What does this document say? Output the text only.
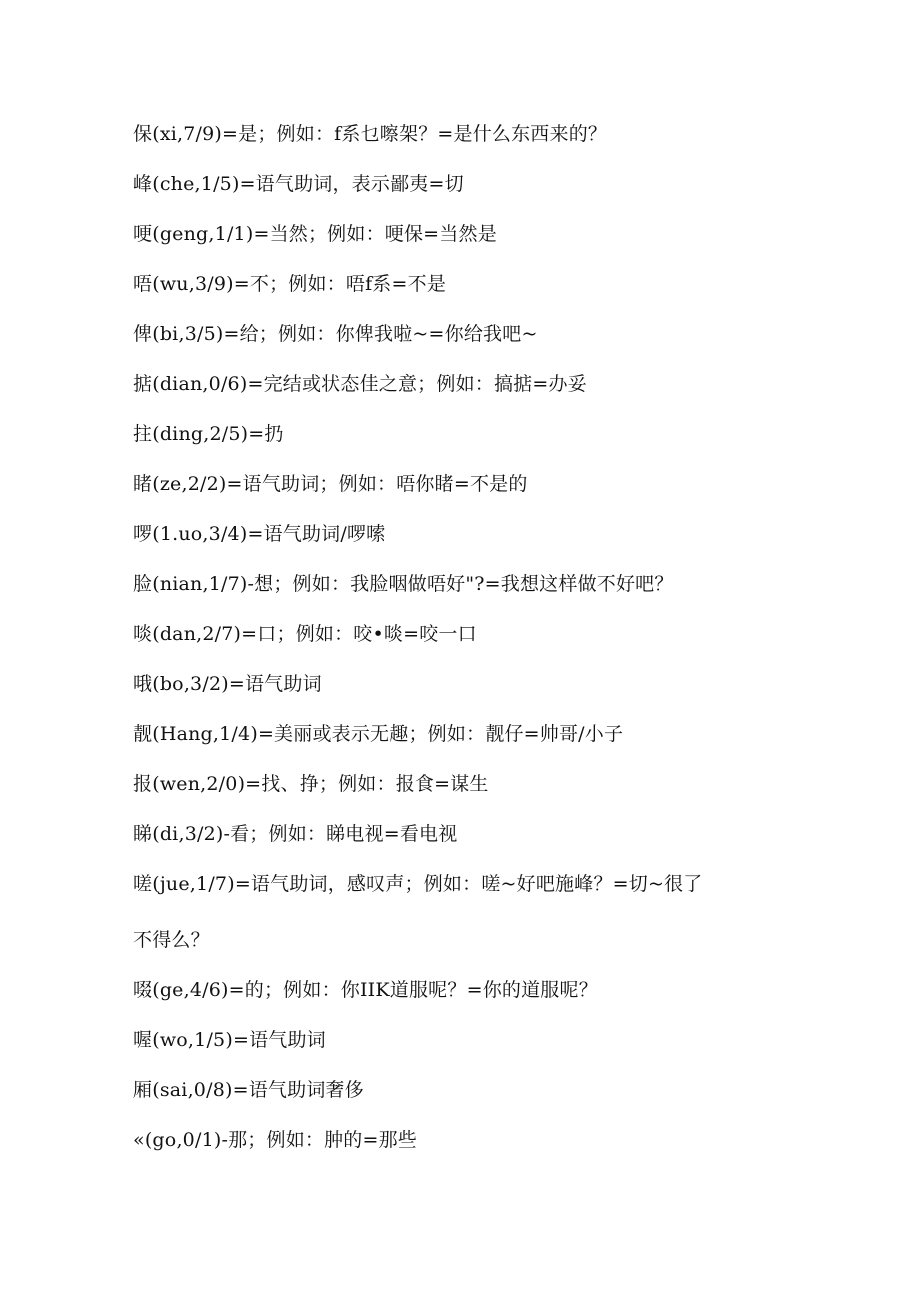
保(xi,7/9)=是；例如：f系乜嚓架？=是什么东西来的？
峰(che,1/5)=语气助词，表示鄙夷=切
哽(geng,1/1)=当然；例如：哽保=当然是
唔(wu,3/9)=不；例如：唔f系=不是
俾(bi,3/5)=给；例如：你俾我啦~=你给我吧~
掂(dian,0/6)=完结或状态佳之意；例如：搞掂=办妥
拄(ding,2/5)=扔
睹(ze,2/2)=语气助词；例如：唔你睹=不是的
啰(1.uo,3/4)=语气助词/啰嗦
脸(nian,1/7)-想；例如：我脸咽做唔好"?=我想这样做不好吧？
啖(dan,2/7)=口；例如：咬•啖=咬一口
哦(bo,3/2)=语气助词
靓(Hang,1/4)=美丽或表示无趣；例如：靓仔=帅哥/小子
报(wen,2/0)=找、挣；例如：报食=谋生
睇(di,3/2)-看；例如：睇电视=看电视
嗟(jue,1/7)=语气助词，感叹声；例如：嗟~好吧施峰？=切~很了
不得么？
啜(ge,4/6)=的；例如：你IIK道服呢？=你的道服呢？
喔(wo,1/5)=语气助词
厢(sai,0/8)=语气助词奢侈
«(go,0/1)-那；例如：肿的=那些
